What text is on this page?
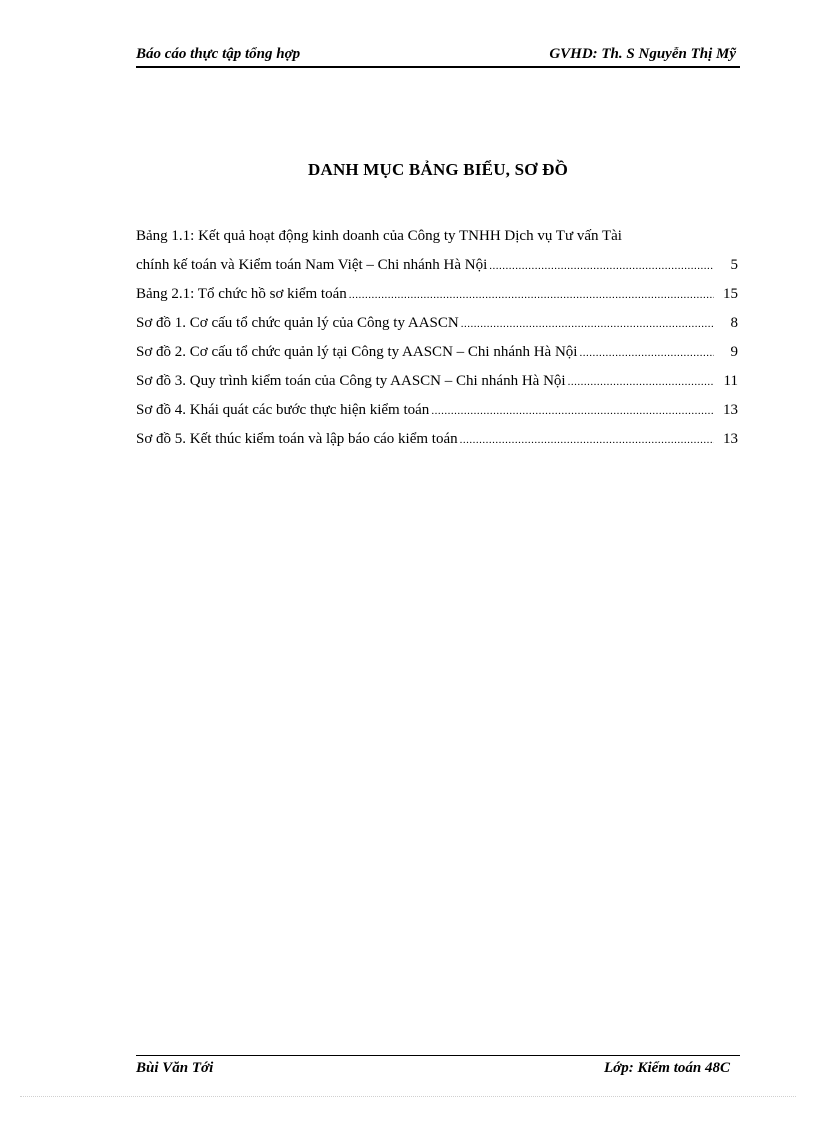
Báo cáo thực tập tổng hợp	GVHD: Th. S Nguyễn Thị Mỹ
DANH MỤC BẢNG BIỂU, SƠ ĐỒ
Bảng 1.1: Kết quả hoạt động kinh doanh của Công ty TNHH Dịch vụ Tư vấn Tài
chính kế toán và Kiểm toán Nam Việt – Chi nhánh Hà Nội .....	5
Bảng 2.1: Tổ chức hồ sơ kiểm toán .....	15
Sơ đồ 1. Cơ cấu tổ chức quản lý của Công ty AASCN .....	8
Sơ đồ 2. Cơ cấu tổ chức quản lý tại Công ty AASCN – Chi nhánh Hà Nội .....	9
Sơ đồ 3. Quy trình kiểm toán của Công ty AASCN – Chi nhánh Hà Nội .....	11
Sơ đồ 4. Khái quát các bước thực hiện kiểm toán .....	13
Sơ đồ 5. Kết thúc kiểm toán và lập báo cáo kiểm toán .....	13
Bùi Văn Tới	Lớp: Kiểm toán 48C
